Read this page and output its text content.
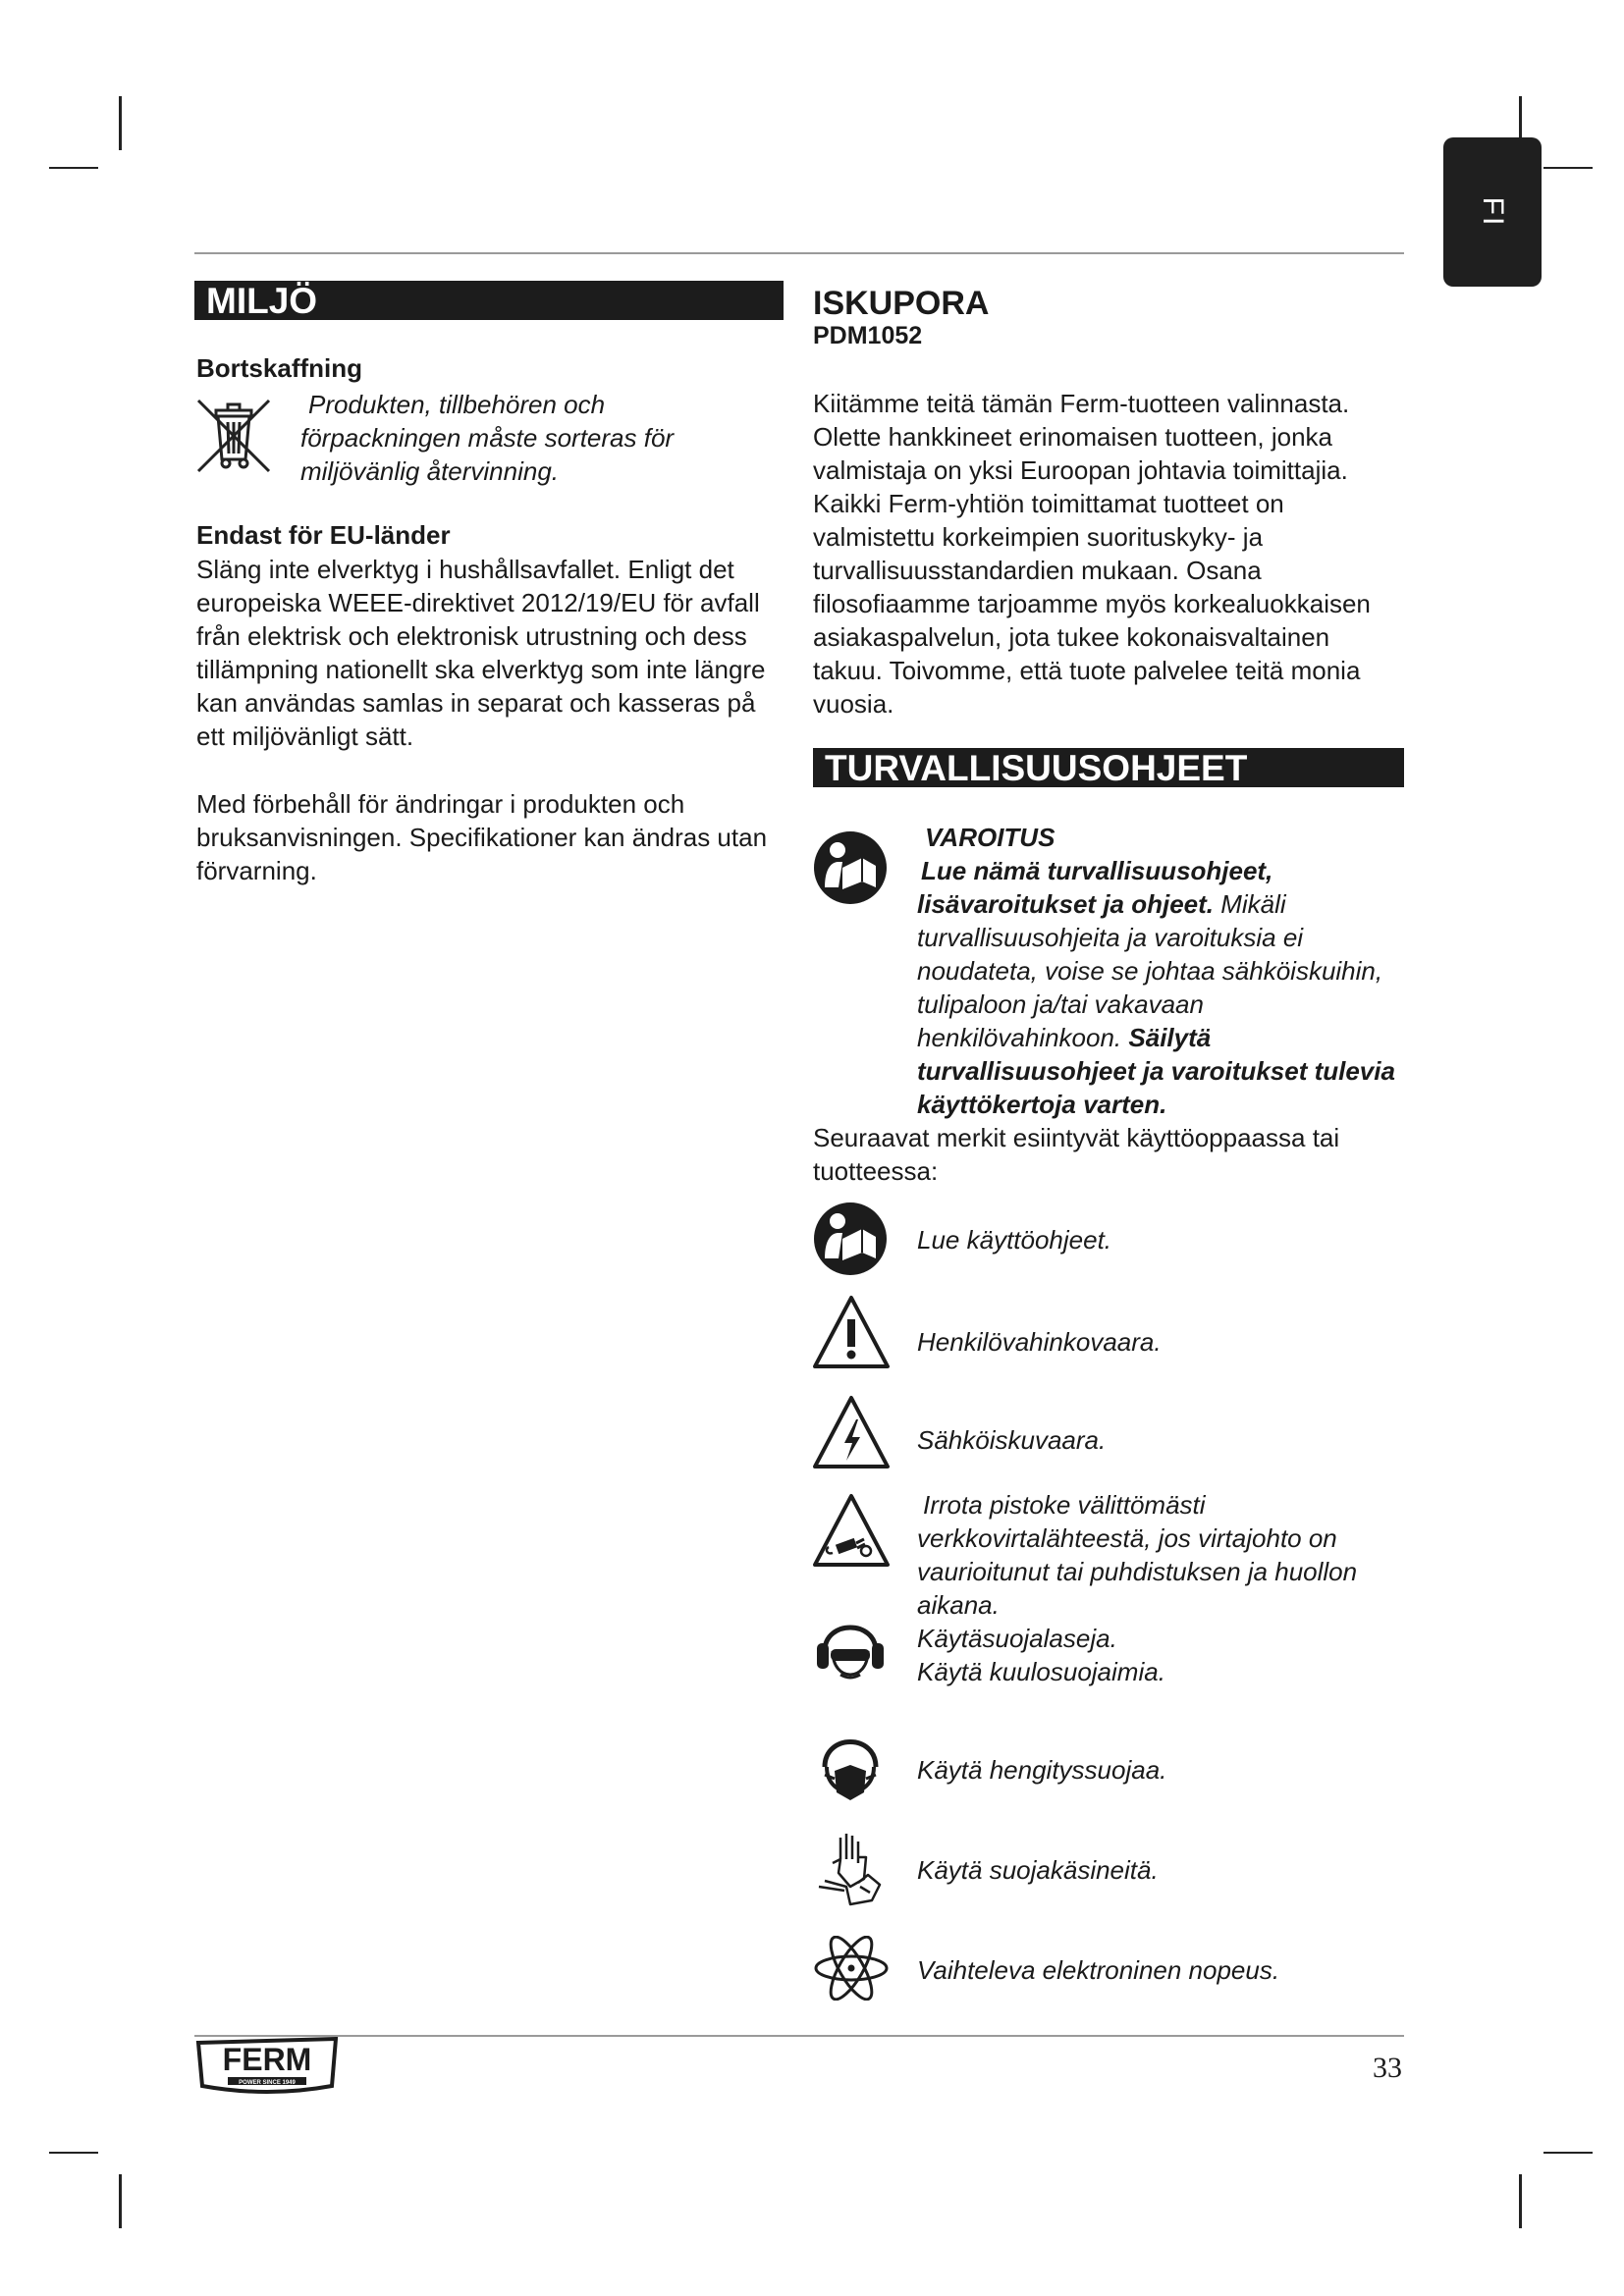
FI
MILJÖ
Bortskaffning

Produkten, tillbehören och förpackningen måste sorteras för miljövänlig återvinning.

Endast för EU-länder

Släng inte elverktyg i hushållsavfallet. Enligt det europeiska WEEE-direktivet 2012/19/EU för avfall från elektrisk och elektronisk utrustning och dess tillämpning nationellt ska elverktyg som inte längre kan användas samlas in separat och kasseras på ett miljövänligt sätt.

Med förbehåll för ändringar i produkten och bruksanvisningen. Specifikationer kan ändras utan förvarning.

ISKUPORA
PDM1052

Kiitämme teitä tämän Ferm-tuotteen valinnasta. Olette hankkineet erinomaisen tuotteen, jonka valmistaja on yksi Euroopan johtavia toimittajia. Kaikki Ferm-yhtiön toimittamat tuotteet on valmistettu korkeimpien suorituskyky- ja turvallisuusstandardien mukaan. Osana filosofiaamme tarjoamme myös korkealuokkaisen asiakaspalvelun, jota tukee kokonaisvaltainen takuu. Toivomme, että tuote palvelee teitä monia vuosia.

TURVALLISUUSOHJEET
VAROITUS
Lue nämä turvallisuusohjeet, lisävaroitukset ja ohjeet. Mikäli turvallisuusohjeita ja varoituksia ei noudateta, voise se johtaa sähköiskuihin, tulipaloon ja/tai vakavaan henkilövahinkoon. Säilytä turvallisuusohjeet ja varoitukset tulevia käyttökertoja varten.

Seuraavat merkit esiintyvät käyttöoppaassa tai tuotteessa:

Lue käyttöohjeet.

Henkilövahinkovaara.

Sähköiskuvaara.

Irrota pistoke välittömästi verkkovirtalähteestä, jos virtajohto on vaurioitunut tai puhdistuksen ja huollon aikana.

Käytäsuojalaseja.
Käytä kuulosuojaimia.

Käytä hengityssuojaa.

Käytä suojakäsineitä.

Vaihteleva elektroninen nopeus.

FERM
POWER SINCE 1949	33
